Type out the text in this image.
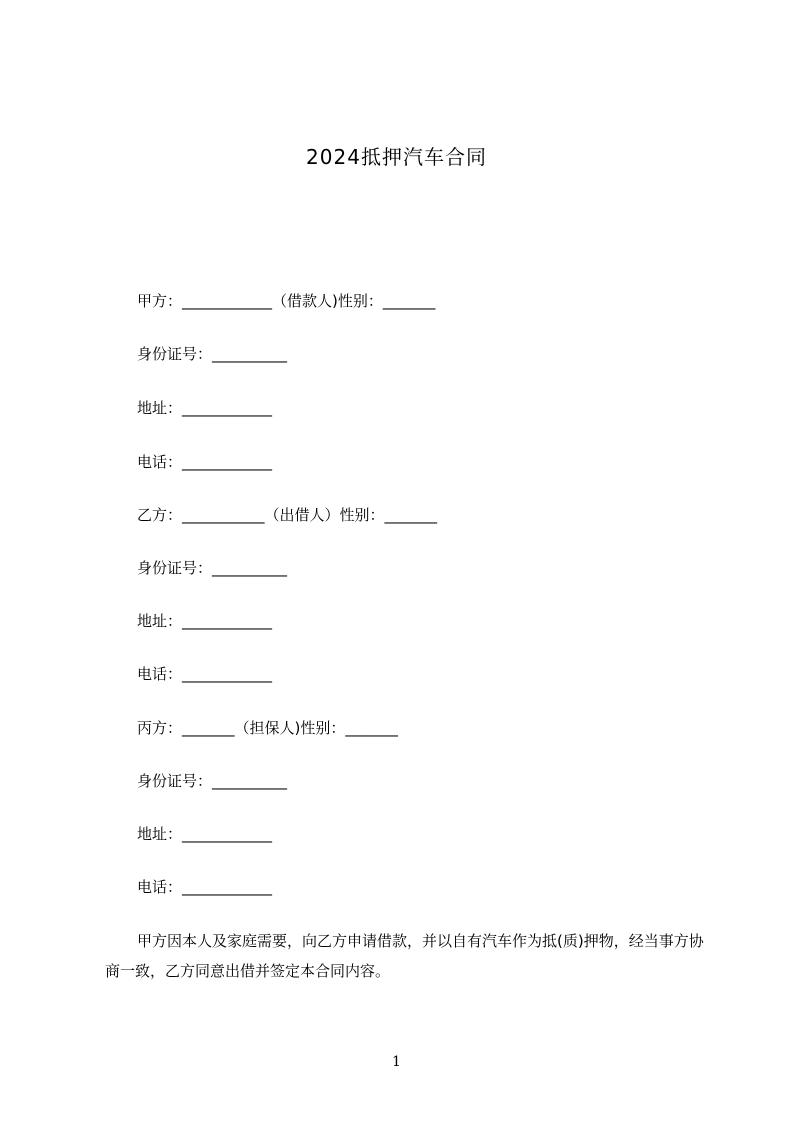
2024抵押汽车合同
甲方：____________（借款人)性别：_______
身份证号：__________
地址：____________
电话：____________
乙方：___________（出借人）性别：_______
身份证号：__________
地址：____________
电话：____________
丙方：_______（担保人)性别：_______
身份证号：__________
地址：____________
电话：____________
甲方因本人及家庭需要，向乙方申请借款，并以自有汽车作为抵(质)押物，经当事方协商一致，乙方同意出借并签定本合同内容。
1
